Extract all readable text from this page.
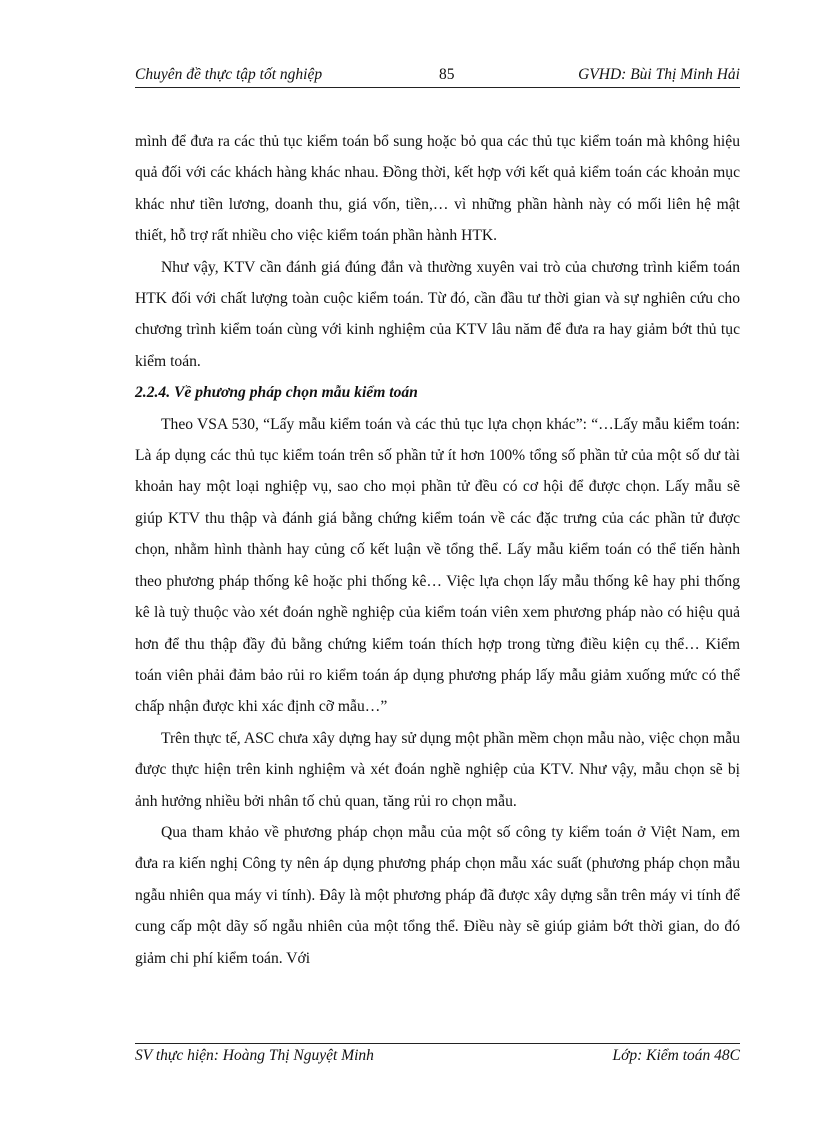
Chuyên đề thực tập tốt nghiệp	85	GVHD: Bùi Thị Minh Hải

mình để đưa ra các thủ tục kiểm toán bổ sung hoặc bỏ qua các thủ tục kiểm toán mà không hiệu quả đối với các khách hàng khác nhau. Đồng thời, kết hợp với kết quả kiểm toán các khoản mục khác như tiền lương, doanh thu, giá vốn, tiền,… vì những phần hành này có mối liên hệ mật thiết, hỗ trợ rất nhiều cho việc kiểm toán phần hành HTK.

Như vậy, KTV cần đánh giá đúng đắn và thường xuyên vai trò của chương trình kiểm toán HTK đối với chất lượng toàn cuộc kiểm toán. Từ đó, cần đầu tư thời gian và sự nghiên cứu cho chương trình kiểm toán cùng với kinh nghiệm của KTV lâu năm để đưa ra hay giảm bớt thủ tục kiểm toán.

2.2.4. Về phương pháp chọn mẫu kiểm toán

Theo VSA 530, “Lấy mẫu kiểm toán và các thủ tục lựa chọn khác”: “…Lấy mẫu kiểm toán: Là áp dụng các thủ tục kiểm toán trên số phần tử ít hơn 100% tổng số phần tử của một số dư tài khoản hay một loại nghiệp vụ, sao cho mọi phần tử đều có cơ hội để được chọn. Lấy mẫu sẽ giúp KTV thu thập và đánh giá bằng chứng kiểm toán về các đặc trưng của các phần tử được chọn, nhằm hình thành hay củng cố kết luận về tổng thể. Lấy mẫu kiểm toán có thể tiến hành theo phương pháp thống kê hoặc phi thống kê… Việc lựa chọn lấy mẫu thống kê hay phi thống kê là tuỳ thuộc vào xét đoán nghề nghiệp của kiểm toán viên xem phương pháp nào có hiệu quả hơn để thu thập đầy đủ bằng chứng kiểm toán thích hợp trong từng điều kiện cụ thể… Kiểm toán viên phải đảm bảo rủi ro kiểm toán áp dụng phương pháp lấy mẫu giảm xuống mức có thể chấp nhận được khi xác định cỡ mẫu…”

Trên thực tế, ASC chưa xây dựng hay sử dụng một phần mềm chọn mẫu nào, việc chọn mẫu được thực hiện trên kinh nghiệm và xét đoán nghề nghiệp của KTV. Như vậy, mẫu chọn sẽ bị ảnh hưởng nhiều bởi nhân tố chủ quan, tăng rủi ro chọn mẫu.

Qua tham khảo về phương pháp chọn mẫu của một số công ty kiểm toán ở Việt Nam, em đưa ra kiến nghị Công ty nên áp dụng phương pháp chọn mẫu xác suất (phương pháp chọn mẫu ngẫu nhiên qua máy vi tính). Đây là một phương pháp đã được xây dựng sẵn trên máy vi tính để cung cấp một dãy số ngẫu nhiên của một tổng thể. Điều này sẽ giúp giảm bớt thời gian, do đó giảm chi phí kiểm toán. Với

SV thực hiện: Hoàng Thị Nguyệt Minh	Lớp: Kiểm toán 48C
